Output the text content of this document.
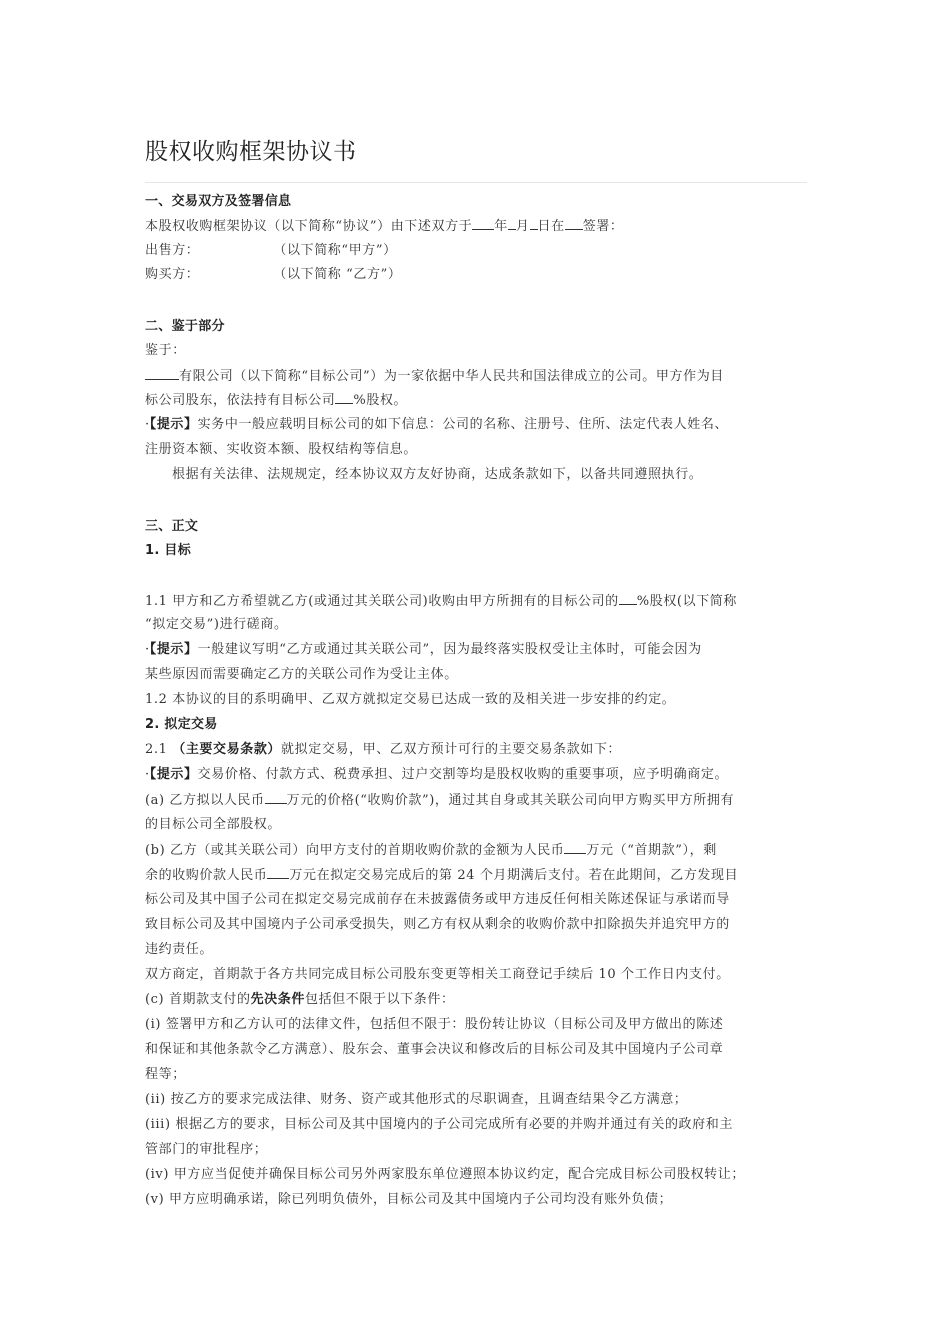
股权收购框架协议书
一、交易双方及签署信息
本股权收购框架协议（以下简称“协议”）由下述双方于 年 月 日在 签署：
出售方：	（以下简称“甲方”）
购买方：	（以下简称 “乙方”）
二、鉴于部分
鉴于：
有限公司（以下简称“目标公司”）为一家依据中华人民共和国法律成立的公司。甲方作为目
标公司股东，依法持有目标公司 %股权。
·【提示】实务中一般应载明目标公司的如下信息：公司的名称、注册号、住所、法定代表人姓名、
注册资本额、实收资本额、股权结构等信息。
根据有关法律、法规规定，经本协议双方友好协商，达成条款如下，以备共同遵照执行。
三、正文
1. 目标
1.1 甲方和乙方希望就乙方(或通过其关联公司)收购由甲方所拥有的目标公司的 %股权(以下简称
“拟定交易”)进行磋商。
·【提示】一般建议写明“乙方或通过其关联公司”，因为最终落实股权受让主体时，可能会因为
某些原因而需要确定乙方的关联公司作为受让主体。
1.2 本协议的目的系明确甲、乙双方就拟定交易已达成一致的及相关进一步安排的约定。
2. 拟定交易
2.1 （主要交易条款）就拟定交易，甲、乙双方预计可行的主要交易条款如下：
·【提示】交易价格、付款方式、税费承担、过户交割等均是股权收购的重要事项，应予明确商定。
(a) 乙方拟以人民币 万元的价格(“收购价款”)，通过其自身或其关联公司向甲方购买甲方所拥有
的目标公司全部股权。
(b) 乙方（或其关联公司）向甲方支付的首期收购价款的金额为人民币 万元（“首期款”），剩
余的收购价款人民币 万元在拟定交易完成后的第 24 个月期满后支付。若在此期间，乙方发现目
标公司及其中国子公司在拟定交易完成前存在未披露债务或甲方违反任何相关陈述保证与承诺而导
致目标公司及其中国境内子公司承受损失，则乙方有权从剩余的收购价款中扣除损失并追究甲方的
违约责任。
双方商定，首期款于各方共同完成目标公司股东变更等相关工商登记手续后 10 个工作日内支付。
(c) 首期款支付的先决条件包括但不限于以下条件：
(i) 签署甲方和乙方认可的法律文件，包括但不限于：股份转让协议（目标公司及甲方做出的陈述
和保证和其他条款令乙方满意）、股东会、董事会决议和修改后的目标公司及其中国境内子公司章
程等；
(ii) 按乙方的要求完成法律、财务、资产或其他形式的尽职调查，且调查结果令乙方满意；
(iii) 根据乙方的要求，目标公司及其中国境内的子公司完成所有必要的并购并通过有关的政府和主
管部门的审批程序；
(iv) 甲方应当促使并确保目标公司另外两家股东单位遵照本协议约定，配合完成目标公司股权转让；
(v) 甲方应明确承诺，除已列明负债外，目标公司及其中国境内子公司均没有账外负债；
